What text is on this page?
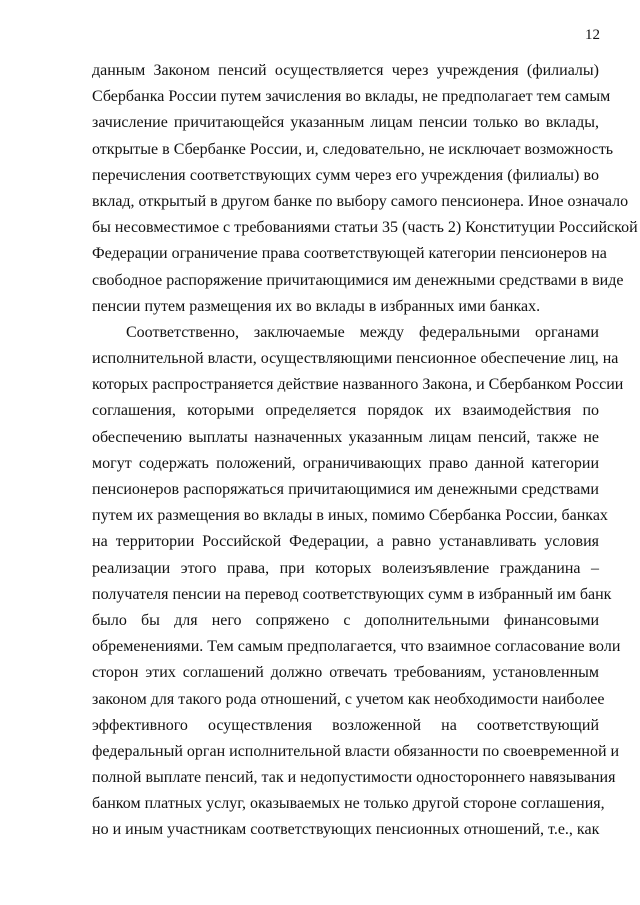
12
данным Законом пенсий осуществляется через учреждения (филиалы)
Сбербанка России путем зачисления во вклады, не предполагает тем самым
зачисление причитающейся указанным лицам пенсии только во вклады,
открытые в Сбербанке России, и, следовательно, не исключает возможность
перечисления соответствующих сумм через его учреждения (филиалы) во
вклад, открытый в другом банке по выбору самого пенсионера. Иное означало
бы несовместимое с требованиями статьи 35 (часть 2) Конституции Российской
Федерации ограничение права соответствующей категории пенсионеров на
свободное распоряжение причитающимися им денежными средствами в виде
пенсии путем размещения их во вклады в избранных ими банках.
Соответственно, заключаемые между федеральными органами
исполнительной власти, осуществляющими пенсионное обеспечение лиц, на
которых распространяется действие названного Закона, и Сбербанком России
соглашения, которыми определяется порядок их взаимодействия по
обеспечению выплаты назначенных указанным лицам пенсий, также не
могут содержать положений, ограничивающих право данной категории
пенсионеров распоряжаться причитающимися им денежными средствами
путем их размещения во вклады в иных, помимо Сбербанка России, банках
на территории Российской Федерации, а равно устанавливать условия
реализации этого права, при которых волеизъявление гражданина –
получателя пенсии на перевод соответствующих сумм в избранный им банк
было бы для него сопряжено с дополнительными финансовыми
обременениями. Тем самым предполагается, что взаимное согласование воли
сторон этих соглашений должно отвечать требованиям, установленным
законом для такого рода отношений, с учетом как необходимости наиболее
эффективного осуществления возложенной на соответствующий
федеральный орган исполнительной власти обязанности по своевременной и
полной выплате пенсий, так и недопустимости одностороннего навязывания
банком платных услуг, оказываемых не только другой стороне соглашения,
но и иным участникам соответствующих пенсионных отношений, т.е., как
